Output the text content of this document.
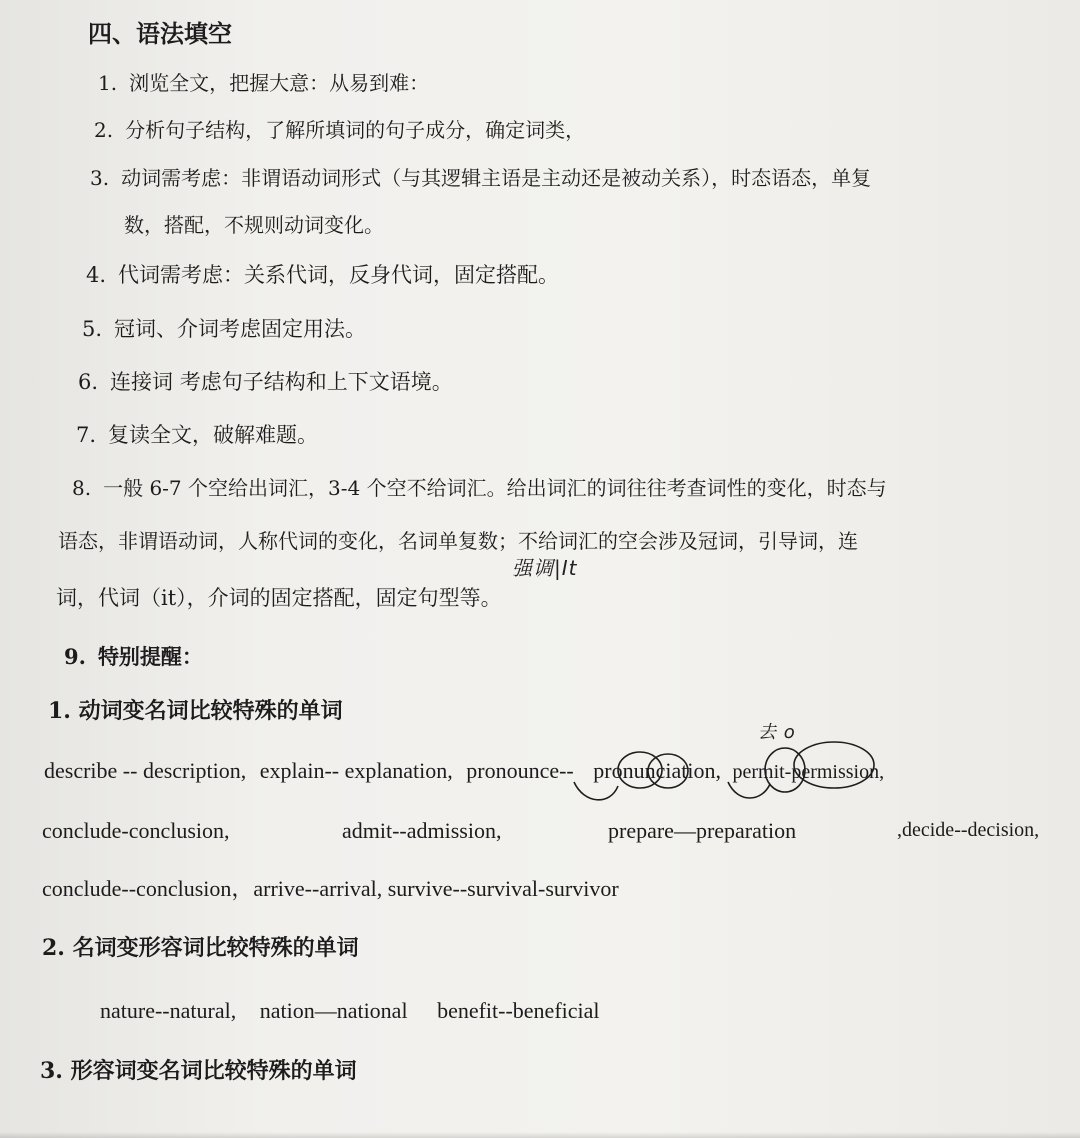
四、语法填空
1. 浏览全文，把握大意：从易到难：
2. 分析句子结构，了解所填词的句子成分，确定词类，
3. 动词需考虑：非谓语动词形式（与其逻辑主语是主动还是被动关系），时态语态，单复
数，搭配，不规则动词变化。
4. 代词需考虑：关系代词，反身代词，固定搭配。
5. 冠词、介词考虑固定用法。
6. 连接词 考虑句子结构和上下文语境。
7. 复读全文，破解难题。
8. 一般 6-7 个空给出词汇，3-4 个空不给词汇。给出词汇的词往往考查词性的变化，时态与
语态，非谓语动词，人称代词的变化，名词单复数；不给词汇的空会涉及冠词，引导词，连
词，代词（it），介词的固定搭配，固定句型等。
9. 特别提醒：
1. 动词变名词比较特殊的单词
describe -- description, explain-- explanation, pronounce-- pronunciation, permit-permission,
conclude-conclusion,	admit--admission,	prepare—preparation	,decide--decision,
conclude--conclusion，arrive--arrival, survive--survival-survivor
2. 名词变形容词比较特殊的单词
nature--natural, nation—national benefit--beneficial
3. 形容词变名词比较特殊的单词
强调|It
去 o
